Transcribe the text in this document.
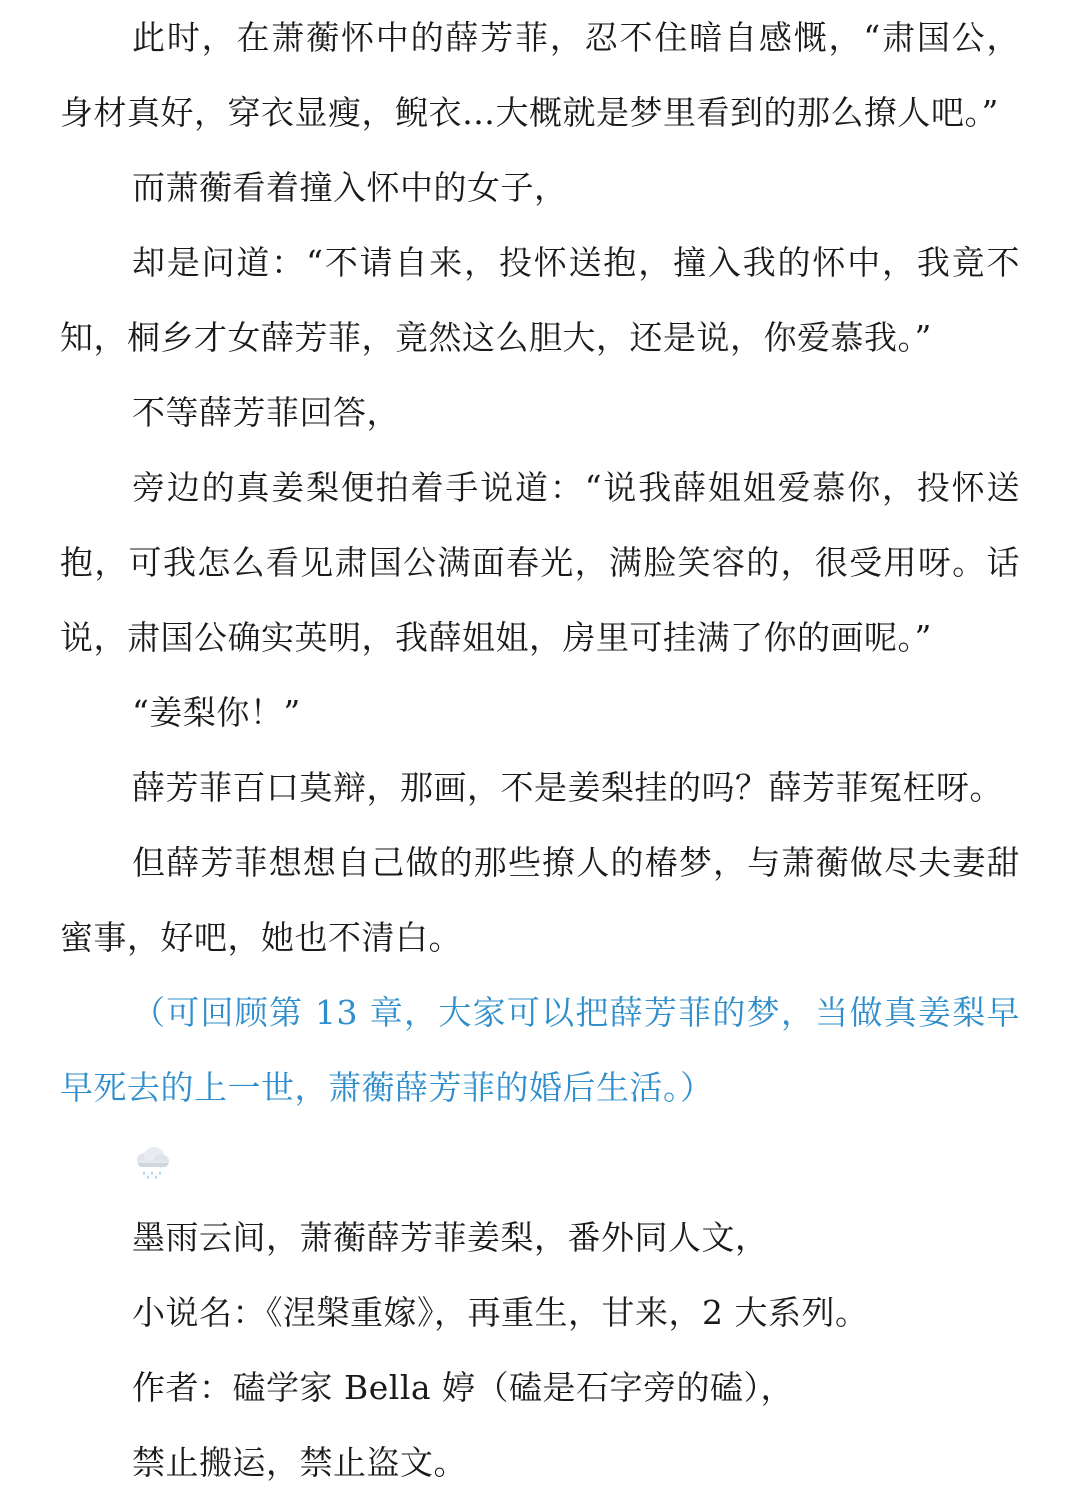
此时，在萧蘅怀中的薛芳菲，忍不住暗自感慨，“肃国公，身材真好，穿衣显瘦，鲵衣…大概就是梦里看到的那么撩人吧。”

而萧蘅看着撞入怀中的女子，

却是问道：“不请自来，投怀送抱，撞入我的怀中，我竟不知，桐乡才女薛芳菲，竟然这么胆大，还是说，你爱慕我。”

不等薛芳菲回答，

旁边的真姜梨便拍着手说道：“说我薛姐姐爱慕你，投怀送抱，可我怎么看见肃国公满面春光，满脸笑容的，很受用呀。话说，肃国公确实英明，我薛姐姐，房里可挂满了你的画呢。”

“姜梨你！”

薛芳菲百口莫辩，那画，不是姜梨挂的吗？薛芳菲冤枉呀。

但薛芳菲想想自己做的那些撩人的椿梦，与萧蘅做尽夫妻甜蜜事，好吧，她也不清白。

（可回顾第 13 章，大家可以把薛芳菲的梦，当做真姜梨早早死去的上一世，萧蘅薛芳菲的婚后生活。）

墨雨云间，萧蘅薛芳菲姜梨，番外同人文，

小说名：《涅槃重嫁》，再重生，甘来，2 大系列。

作者：磕学家 Bella 婷（磕是石字旁的磕），

禁止搬运，禁止盗文。
